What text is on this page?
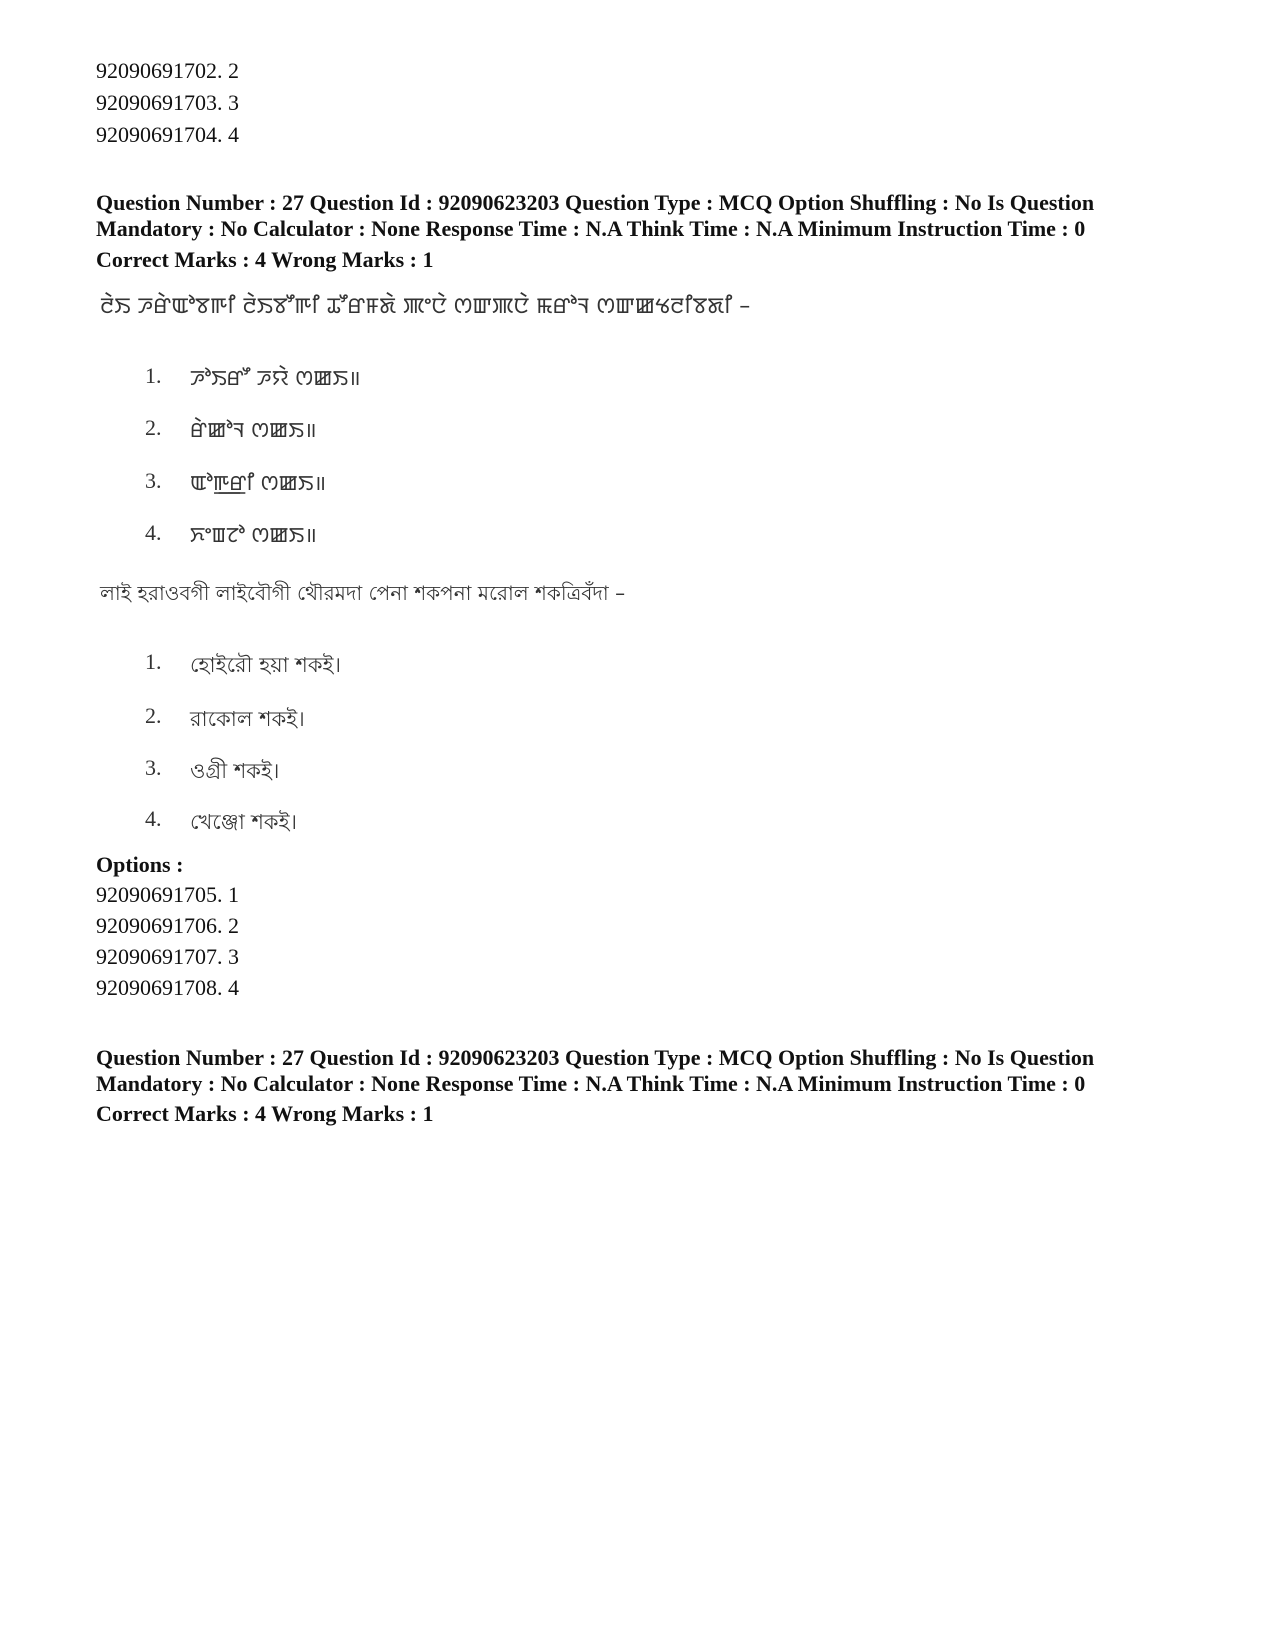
92090691702. 2
92090691703. 3
92090691704. 4
Question Number : 27 Question Id : 92090623203 Question Type : MCQ Option Shuffling : No Is Question
Mandatory : No Calculator : None Response Time : N.A Think Time : N.A Minimum Instruction Time : 0
Correct Marks : 4 Wrong Marks : 1
ꯂꯥꯏ ꯍꯔꯥꯑꯣꯕꯒꯤ ꯂꯥꯏꯕꯧꯒꯤ ꯊꯧꯔꯝꯗꯥ ꯄꯦꯅꯥ ꯁꯛꯄꯅꯥ ꯃꯔꯣꯜ ꯁꯛꯀꯠꯂꯤꯕꯗꯤ –
1. ꯍꯣꯏꯔꯧ ꯍꯌꯥ ꯁꯀꯏ॥
2. ꯔꯥꯀꯣꯜ ꯁꯀꯏ॥
3. ꯑꯣꯒ꯭ꯔꯤ ꯁꯀꯏ॥
4. ꯈꯦꯡꯖꯣ ꯁꯀꯏ॥
লাই হরাওবগী লাইবৌগী থৌরমদা পেনা শকপনা মরোল শকত্রিবঁদা –
1. হোইরৌ হয়া শকই।
2. রাকোল শকই।
3. ওগ্রী শকই।
4. খেঞ্জো শকই।
Options :
92090691705. 1
92090691706. 2
92090691707. 3
92090691708. 4
Question Number : 27 Question Id : 92090623203 Question Type : MCQ Option Shuffling : No Is Question
Mandatory : No Calculator : None Response Time : N.A Think Time : N.A Minimum Instruction Time : 0
Correct Marks : 4 Wrong Marks : 1
